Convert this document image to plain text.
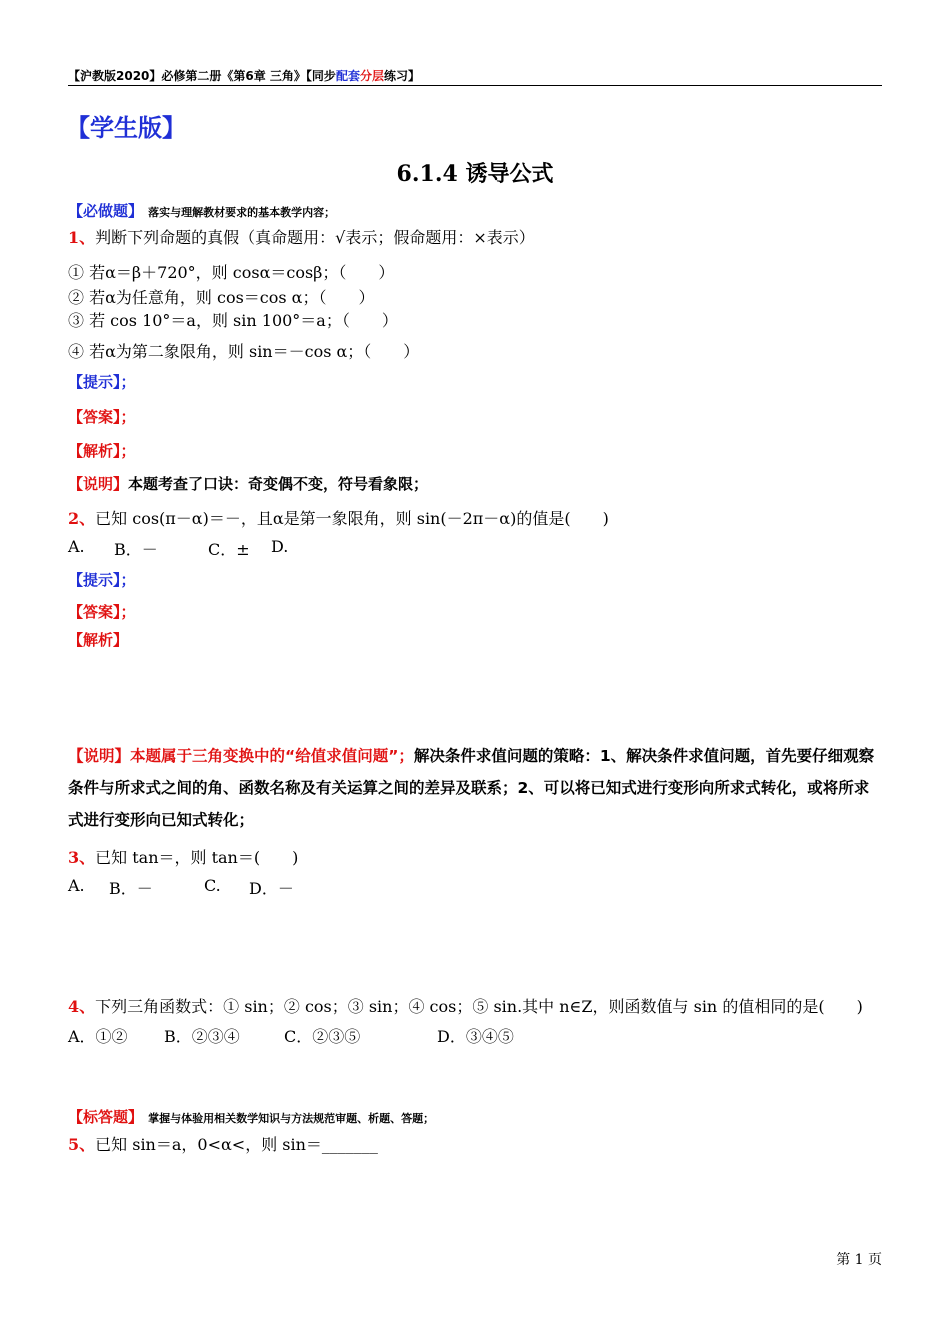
【沪教版2020】必修第二册《第6章 三角》【同步配套分层练习】
【学生版】
6.1.4 诱导公式
【必做题】 落实与理解教材要求的基本教学内容；
1、判断下列命题的真假（真命题用：√表示；假命题用：×表示）
① 若α＝β＋720°，则 cosα＝cosβ；（　　）
② 若α为任意角，则 cos＝cos α；（　　）
③ 若 cos 10°＝a，则 sin 100°＝a；（　　）
④ 若α为第二象限角，则 sin＝－cos α；（　　）
【提示】；
【答案】；
【解析】；
【说明】本题考查了口诀：奇变偶不变，符号看象限；
2、已知 cos(π－α)＝－，且α是第一象限角，则 sin(－2π－α)的值是(　　)
A. B．－	C．± D.
【提示】；
【答案】；
【解析】
【说明】本题属于三角变换中的“给值求值问题”；解决条件求值问题的策略：1、解决条件求值问题，首先要仔细观察条件与所求式之间的角、函数名称及有关运算之间的差异及联系；2、可以将已知式进行变形向所求式转化，或将所求式进行变形向已知式转化；
3、已知 tan＝，则 tan＝(　　)
A. B．－	C. D．－
4、下列三角函数式：① sin；② cos；③ sin；④ cos；⑤ sin.其中 n∈Z，则函数值与 sin 的值相同的是(　　)
A．①② B．②③④	C．②③⑤	D．③④⑤
【标答题】 掌握与体验用相关数学知识与方法规范审题、析题、答题；
5、已知 sin＝a，0<α<，则 sin＝_______
第 1 页
